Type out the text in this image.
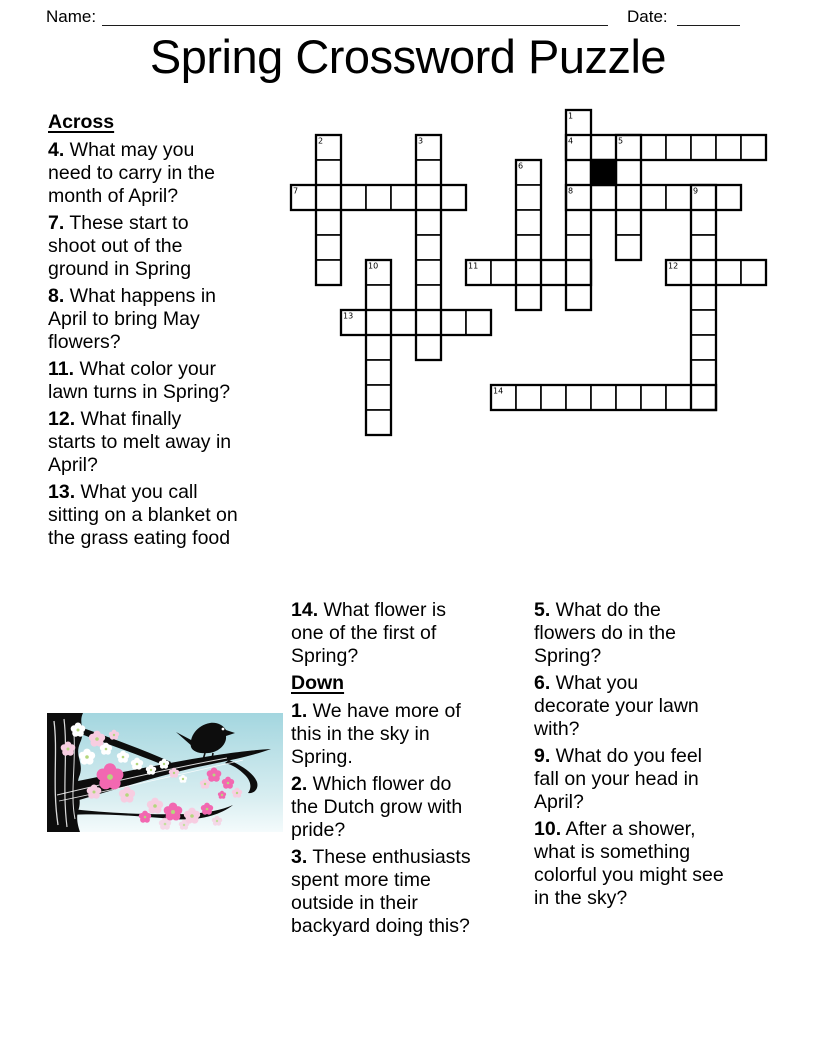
Name:	Date:
Spring Crossword Puzzle
1
2	3	4	5
6
7	8	9
10	11	12
13
14
Across

4. What may you
need to carry in the
month of April?

7. These start to
shoot out of the
ground in Spring

8. What happens in
April to bring May
flowers?

11. What color your
lawn turns in Spring?

12. What finally
starts to melt away in
April?

13. What you call
sitting on a blanket on
the grass eating food

14. What flower is
one of the first of
Spring?

Down

1. We have more of
this in the sky in
Spring.

2. Which flower do
the Dutch grow with
pride?

3. These enthusiasts
spent more time
outside in their
backyard doing this?

5. What do the
flowers do in the
Spring?

6. What you
decorate your lawn
with?

9. What do you feel
fall on your head in
April?

10. After a shower,
what is something
colorful you might see
in the sky?
